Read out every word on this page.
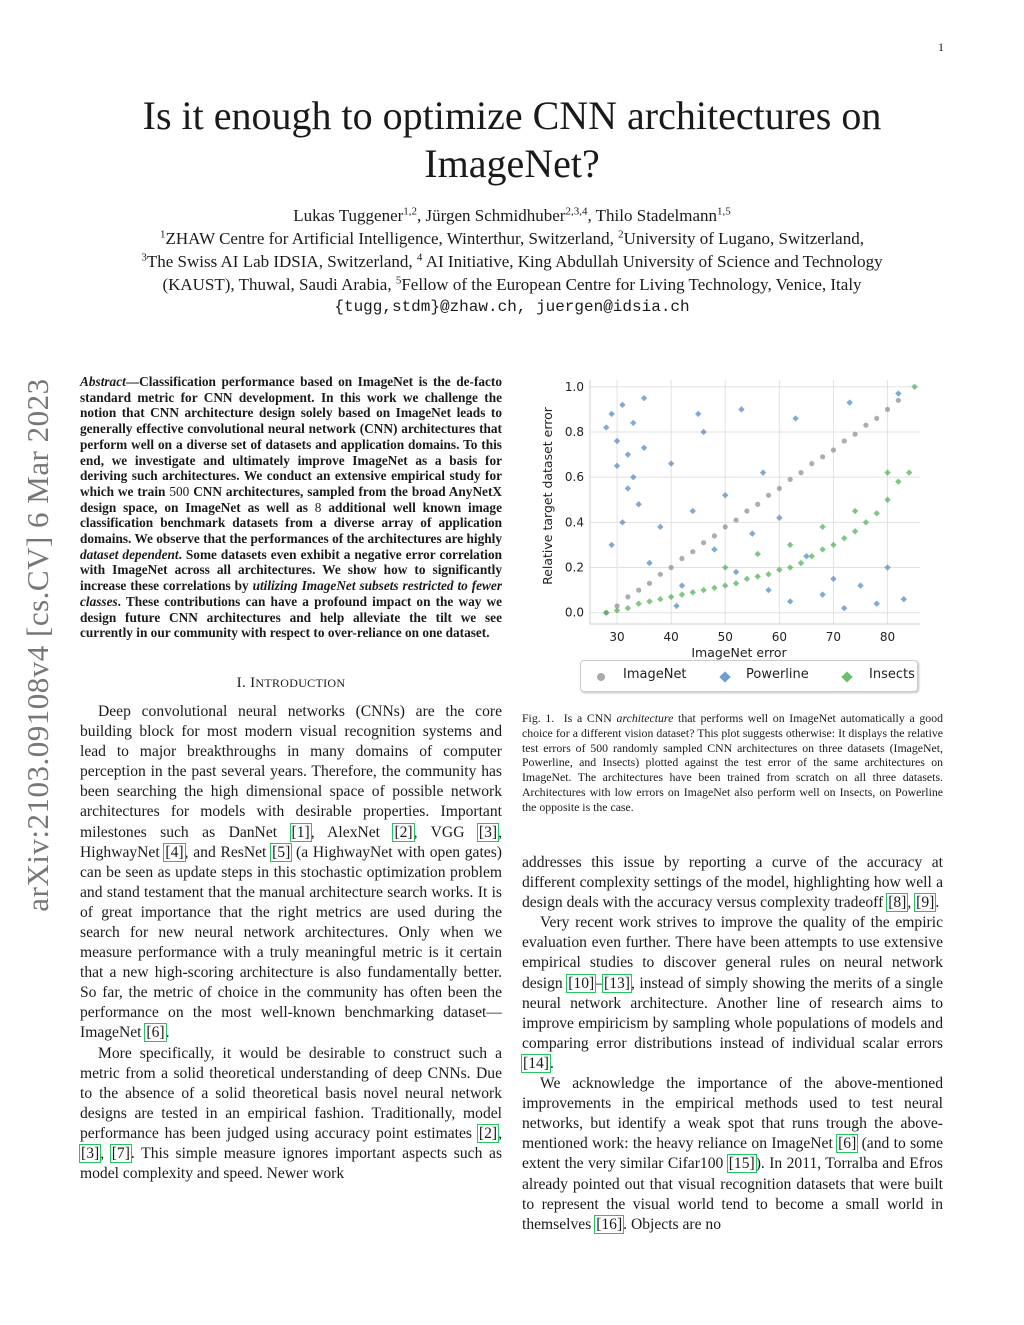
1
arXiv:2103.09108v4 [cs.CV] 6 Mar 2023
Is it enough to optimize CNN architectures on ImageNet?
Lukas Tuggener$^{1,2}$, Jürgen Schmidhuber$^{2,3,4}$, Thilo Stadelmann$^{1,5}$
$^1$ZHAW Centre for Artificial Intelligence, Winterthur, Switzerland, $^2$University of Lugano, Switzerland,
$^3$The Swiss AI Lab IDSIA, Switzerland, $^4$ AI Initiative, King Abdullah University of Science and Technology
(KAUST), Thuwal, Saudi Arabia, $^5$Fellow of the European Centre for Living Technology, Venice, Italy
{tugg,stdm}@zhaw.ch, juergen@idsia.ch
Abstract—Classification performance based on ImageNet is the de-facto standard metric for CNN development. In this work we challenge the notion that CNN architecture design solely based on ImageNet leads to generally effective convolutional neural network (CNN) architectures that perform well on a diverse set of datasets and application domains. To this end, we investigate and ultimately improve ImageNet as a basis for deriving such architectures. We conduct an extensive empirical study for which we train 500 CNN architectures, sampled from the broad AnyNetX design space, on ImageNet as well as 8 additional well known image classification benchmark datasets from a diverse array of application domains. We observe that the performances of the architectures are highly dataset dependent. Some datasets even exhibit a negative error correlation with ImageNet across all architectures. We show how to significantly increase these correlations by utilizing ImageNet subsets restricted to fewer classes. These contributions can have a profound impact on the way we design future CNN architectures and help alleviate the tilt we see currently in our community with respect to over-reliance on one dataset.
I. INTRODUCTION

Deep convolutional neural networks (CNNs) are the core building block for most modern visual recognition systems and lead to major breakthroughs in many domains of computer perception in the past several years. Therefore, the community has been searching the high dimensional space of possible network architectures for models with desirable properties. Important milestones such as DanNet [1], AlexNet [2], VGG [3], HighwayNet [4], and ResNet [5] (a HighwayNet with open gates) can be seen as update steps in this stochastic optimization problem and stand testament that the manual architecture search works. It is of great importance that the right metrics are used during the search for new neural network architectures. Only when we measure performance with a truly meaningful metric is it certain that a new high-scoring architecture is also fundamentally better. So far, the metric of choice in the community has often been the performance on the most well-known benchmarking dataset—ImageNet [6].

More specifically, it would be desirable to construct such a metric from a solid theoretical understanding of deep CNNs. Due to the absence of a solid theoretical basis novel neural network designs are tested in an empirical fashion. Traditionally, model performance has been judged using accuracy point estimates [2], [3], [7]. This simple measure ignores important aspects such as model complexity and speed. Newer work

30	40	50	60	70	80
0.0
0.2
0.4
0.6
0.8
1.0
ImageNet error
Relative target dataset error
ImageNet	Powerline	Insects
Fig. 1. Is a CNN architecture that performs well on ImageNet automatically a good choice for a different vision dataset? This plot suggests otherwise: It displays the relative test errors of 500 randomly sampled CNN architectures on three datasets (ImageNet, Powerline, and Insects) plotted against the test error of the same architectures on ImageNet. The architectures have been trained from scratch on all three datasets. Architectures with low errors on ImageNet also perform well on Insects, on Powerline the opposite is the case.

addresses this issue by reporting a curve of the accuracy at different complexity settings of the model, highlighting how well a design deals with the accuracy versus complexity tradeoff [8], [9].

Very recent work strives to improve the quality of the empiric evaluation even further. There have been attempts to use extensive empirical studies to discover general rules on neural network design [10]–[13], instead of simply showing the merits of a single neural network architecture. Another line of research aims to improve empiricism by sampling whole populations of models and comparing error distributions instead of individual scalar errors [14].

We acknowledge the importance of the above-mentioned improvements in the empirical methods used to test neural networks, but identify a weak spot that runs trough the above-mentioned work: the heavy reliance on ImageNet [6] (and to some extent the very similar Cifar100 [15]). In 2011, Torralba and Efros already pointed out that visual recognition datasets that were built to represent the visual world tend to become a small world in themselves [16]. Objects are no
